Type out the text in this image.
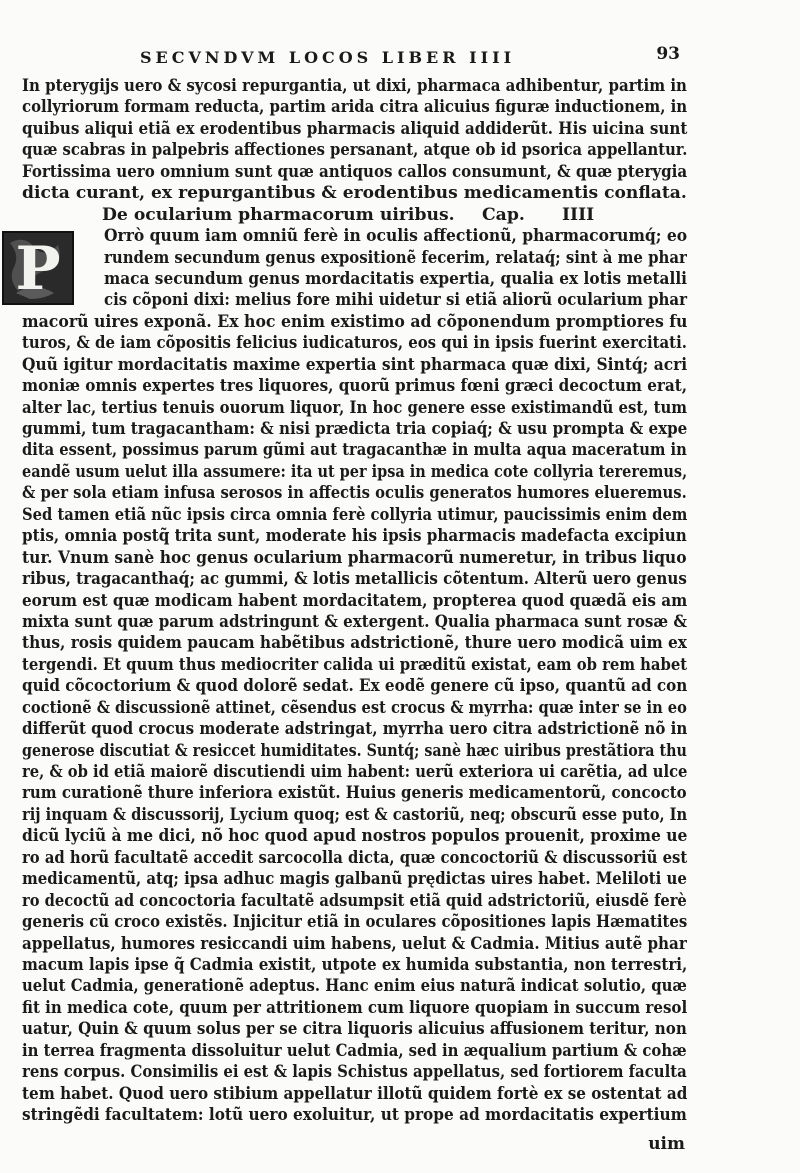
SECVNDVM LOCOS LIBER IIII	93
P
In pterygijs uero & sycosi repurgantia, ut dixi, pharmaca adhibentur, partim in
collyriorum formam reducta, partim arida citra alicuius figuræ inductionem, in
quibus aliqui etiã ex erodentibus pharmacis aliquid addiderũt. His uicina sunt
quæ scabras in palpebris affectiones persanant, atque ob id psorica appellantur.
Fortissima uero omnium sunt quæ antiquos callos consumunt, & quæ pterygia
dicta curant, ex repurgantibus & erodentibus medicamentis conflata.
De ocularium pharmacorum uiribus. Cap. IIII
Orrò quum iam omniũ ferè in oculis affectionũ, pharmacorumq́; eo
rundem secundum genus expositionẽ fecerim, relataq́; sint à me phar
maca secundum genus mordacitatis expertia, qualia ex lotis metalli
cis cõponi dixi: melius fore mihi uidetur si etiã aliorũ ocularium phar
macorũ uires exponã. Ex hoc enim existimo ad cõponendum promptiores fu
turos, & de iam cõpositis felicius iudicaturos, eos qui in ipsis fuerint exercitati.
Quũ igitur mordacitatis maxime expertia sint pharmaca quæ dixi, Sintq́; acri
moniæ omnis expertes tres liquores, quorũ primus fœni græci decoctum erat,
alter lac, tertius tenuis ouorum liquor, In hoc genere esse existimandũ est, tum
gummi, tum tragacantham: & nisi prædicta tria copiaq́; & usu prompta & expe
dita essent, possimus parum gũmi aut tragacanthæ in multa aqua maceratum in
eandẽ usum uelut illa assumere: ita ut per ipsa in medica cote collyria tereremus,
& per sola etiam infusa serosos in affectis oculis generatos humores elueremus.
Sed tamen etiã nũc ipsis circa omnia ferè collyria utimur, paucissimis enim dem
ptis, omnia postq̃ trita sunt, moderate his ipsis pharmacis madefacta excipiun
tur. Vnum sanè hoc genus ocularium pharmacorũ numeretur, in tribus liquo
ribus, tragacanthaq́; ac gummi, & lotis metallicis cõtentum. Alterũ uero genus
eorum est quæ modicam habent mordacitatem, propterea quod quædã eis am
mixta sunt quæ parum adstringunt & extergent. Qualia pharmaca sunt rosæ &
thus, rosis quidem paucam habẽtibus adstrictionẽ, thure uero modicã uim ex
tergendi. Et quum thus mediocriter calida ui præditũ existat, eam ob rem habet
quid cõcoctorium & quod dolorẽ sedat. Ex eodẽ genere cũ ipso, quantũ ad con
coctionẽ & discussionẽ attinet, cẽsendus est crocus & myrrha: quæ inter se in eo
differũt quod crocus moderate adstringat, myrrha uero citra adstrictionẽ nõ in
generose discutiat & resiccet humiditates. Suntq́; sanè hæc uiribus prestãtiora thu
re, & ob id etiã maiorẽ discutiendi uim habent: uerũ exteriora ui carẽtia, ad ulce
rum curationẽ thure inferiora existũt. Huius generis medicamentorũ, concocto
rij inquam & discussorij, Lycium quoq; est & castoriũ, neq; obscurũ esse puto, In
dicũ lyciũ à me dici, nõ hoc quod apud nostros populos prouenit, proxime ue
ro ad horũ facultatẽ accedit sarcocolla dicta, quæ concoctoriũ & discussoriũ est
medicamentũ, atq; ipsa adhuc magis galbanũ prędictas uires habet. Meliloti ue
ro decoctũ ad concoctoria facultatẽ adsumpsit etiã quid adstrictoriũ, eiusdẽ ferè
generis cũ croco existẽs. Injicitur etiã in oculares cõpositiones lapis Hæmatites
appellatus, humores resiccandi uim habens, uelut & Cadmia. Mitius autẽ phar
macum lapis ipse q̃ Cadmia existit, utpote ex humida substantia, non terrestri,
uelut Cadmia, generationẽ adeptus. Hanc enim eius naturã indicat solutio, quæ
fit in medica cote, quum per attritionem cum liquore quopiam in succum resol
uatur, Quin & quum solus per se citra liquoris alicuius affusionem teritur, non
in terrea fragmenta dissoluitur uelut Cadmia, sed in æqualium partium & cohæ
rens corpus. Consimilis ei est & lapis Schistus appellatus, sed fortiorem faculta
tem habet. Quod uero stibium appellatur illotũ quidem fortè ex se ostentat ad
stringẽdi facultatem: lotũ uero exoluitur, ut prope ad mordacitatis expertium
uim
